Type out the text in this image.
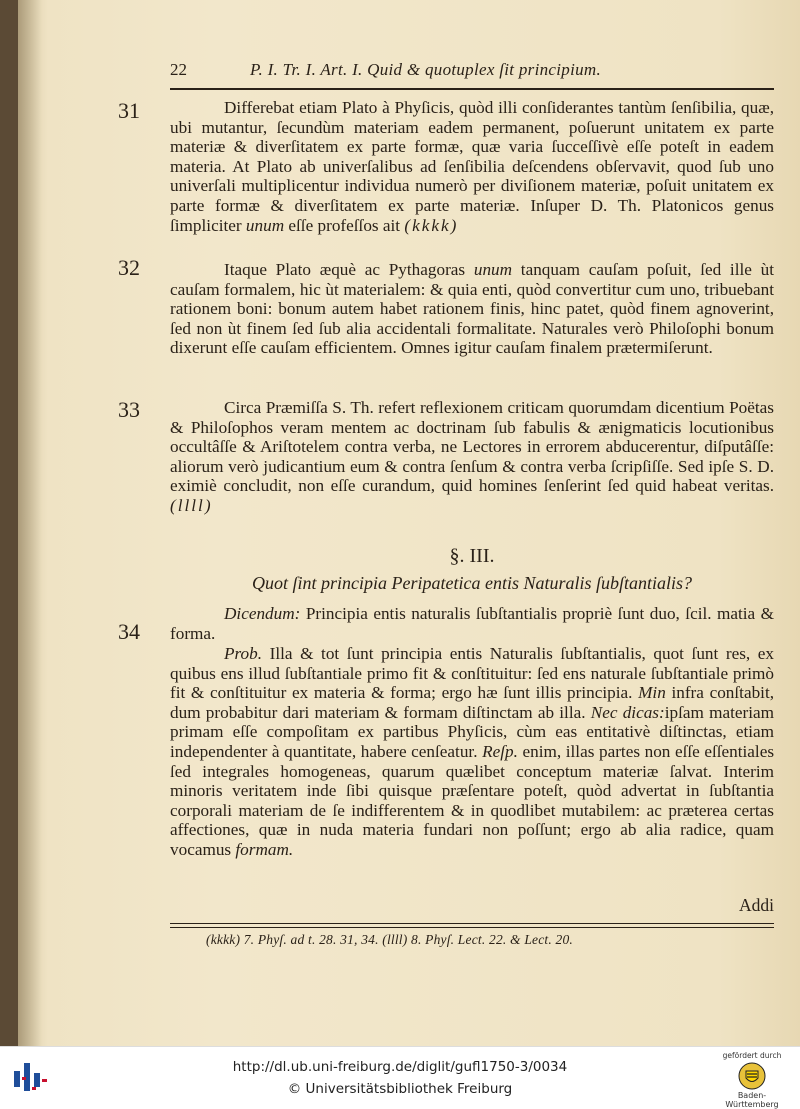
22	P. I. Tr. I. Art. I. Quid & quotuplex ſit principium.
31	Differebat etiam Plato à Phyſicis, quòd illi conſiderantes tantùm ſenſibilia, quæ, ubi mutantur, ſecundùm materiam eadem permanent, poſuerunt unitatem ex parte materiæ & diverſitatem ex parte formæ, quæ varia ſucceſſivè eſſe poteſt in eadem materia. At Plato ab univerſalibus ad ſenſibilia deſcendens obſervavit, quod ſub uno univerſali multiplicentur individua numerò per diviſionem materiæ, poſuit unitatem ex parte formæ & diverſitatem ex parte materiæ. Inſuper D. Th. Platonicos genus ſimpliciter unum eſſe profeſſos ait (kkkk)
32	Itaque Plato æquè ac Pythagoras unum tanquam cauſam poſuit, ſed ille ùt cauſam formalem, hic ùt materialem: & quia enti, quòd convertitur cum uno, tribuebant rationem boni: bonum autem habet rationem finis, hinc patet, quòd finem agnoverint, ſed non ùt finem ſed ſub alia accidentali formalitate. Naturales verò Philoſophi bonum dixerunt eſſe cauſam efficientem. Omnes igitur cauſam finalem prætermiſerunt.
33	Circa Præmiſſa S. Th. refert reflexionem criticam quorumdam dicentium Poëtas & Philoſophos veram mentem ac doctrinam ſub fabulis & ænigmaticis locutionibus occultâſſe & Ariſtotelem contra verba, ne Lectores in errorem abducerentur, diſputâſſe: aliorum verò judicantium eum & contra ſenſum & contra verba ſcripſiſſe. Sed ipſe S. D. eximiè concludit, non eſſe curandum, quid homines ſenſerint ſed quid habeat veritas. (llll)
§. III.
Quot ſint principia Peripatetica entis Naturalis ſubſtantialis?
34
Dicendum: Principia entis naturalis ſubſtantialis propriè ſunt duo, ſcil. matia & forma.
Prob. Illa & tot ſunt principia entis Naturalis ſubſtantialis, quot ſunt res, ex quibus ens illud ſubſtantiale primo fit & conſtituitur: ſed ens naturale ſubſtantiale primò fit & conſtituitur ex materia & forma; ergo hæ ſunt illis principia. Min infra conſtabit, dum probabitur dari materiam & formam diſtinctam ab illa. Nec dicas:ipſam materiam primam eſſe compoſitam ex partibus Phyſicis, cùm eas entitativè diſtinctas, etiam independenter à quantitate, habere cenſeatur. Reſp. enim, illas partes non eſſe eſſentiales ſed integrales homogeneas, quarum quælibet conceptum materiæ ſalvat. Interim minoris veritatem inde ſibi quisque præſentare poteſt, quòd advertat in ſubſtantia corporali materiam de ſe indifferentem & in quodlibet mutabilem: ac præterea certas affectiones, quæ in nuda materia fundari non poſſunt; ergo ab alia radice, quam vocamus formam.
Addi
(kkkk) 7. Phyſ. ad t. 28. 31, 34. (llll) 8. Phyſ. Lect. 22. & Lect. 20.
http://dl.ub.uni-freiburg.de/diglit/gufl1750-3/0034
© Universitätsbibliothek Freiburg
gefördert durch
Baden-Württemberg
